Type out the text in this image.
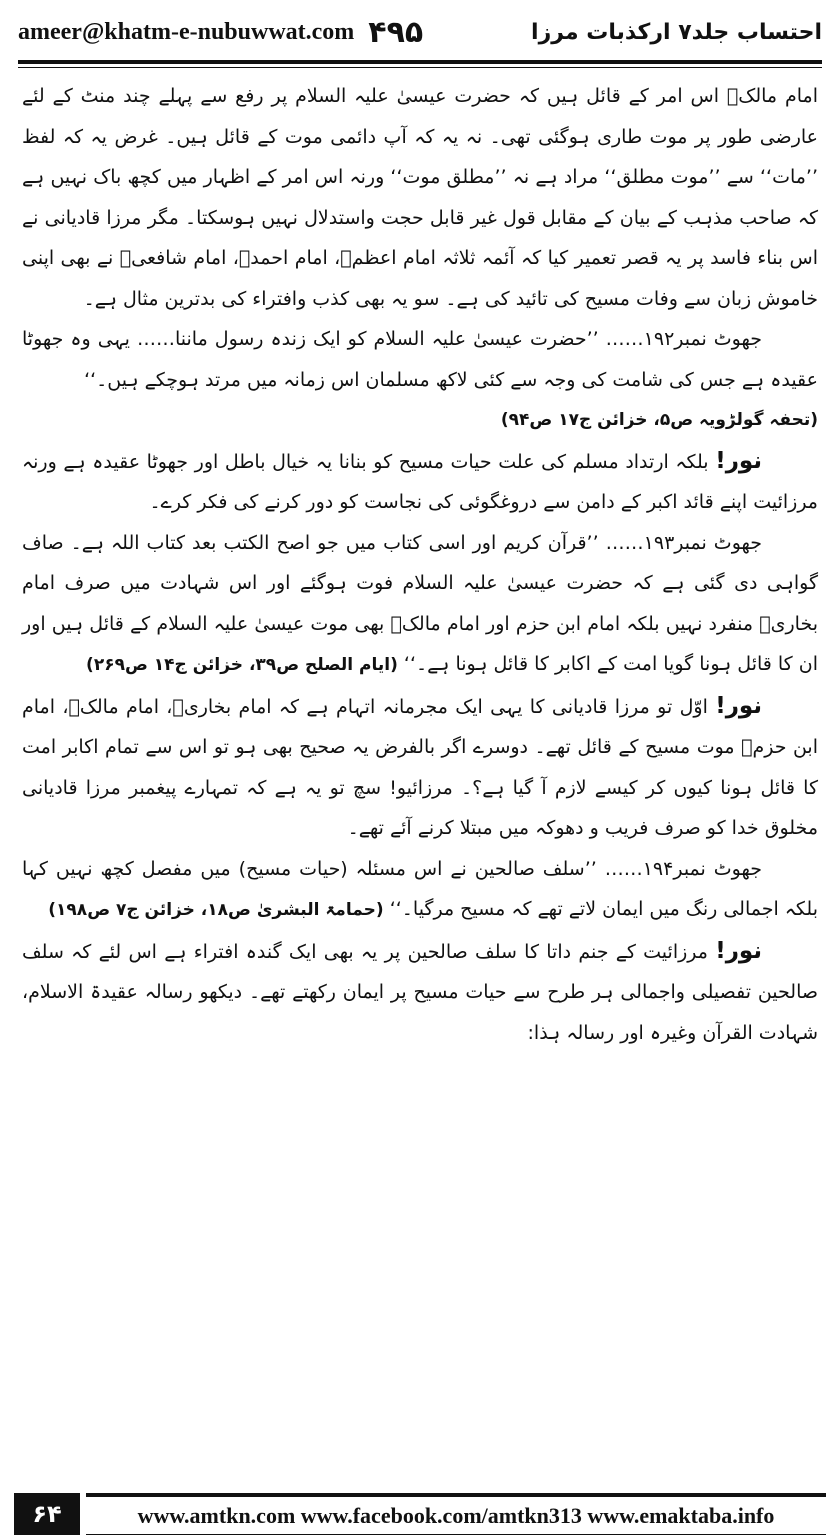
ameer@khatm-e-nubuwwat.com ۴۹۵	احتساب جلد۷ ارکذبات مرزا

امام مالکؒ اس امر کے قائل ہیں کہ حضرت عیسیٰ علیہ السلام پر رفع سے پہلے چند منٹ کے لئے عارضی طور پر موت طاری ہوگئی تھی۔ نہ یہ کہ آپ دائمی موت کے قائل ہیں۔ غرض یہ کہ لفظ ’’مات‘‘ سے ’’موت مطلق‘‘ مراد ہے نہ ’’مطلق موت‘‘ ورنہ اس امر کے اظہار میں کچھ باک نہیں ہے کہ صاحب مذہب کے بیان کے مقابل قول غیر قابل حجت واستدلال نہیں ہوسکتا۔ مگر مرزا قادیانی نے اس بناء فاسد پر یہ قصر تعمیر کیا کہ آئمہ ثلاثہ امام اعظمؒ، امام احمدؒ، امام شافعیؒ نے بھی اپنی خاموش زبان سے وفات مسیح کی تائید کی ہے۔ سو یہ بھی کذب وافتراء کی بدترین مثال ہے۔

جھوٹ نمبر۱۹۲…… ’’حضرت عیسیٰ علیہ السلام کو ایک زندہ رسول ماننا…… یہی وہ جھوٹا عقیدہ ہے جس کی شامت کی وجہ سے کئی لاکھ مسلمان اس زمانہ میں مرتد ہوچکے ہیں۔‘‘

(تحفہ گولڑویہ ص۵، خزائن ج۱۷ ص۹۴)

نور! بلکہ ارتداد مسلم کی علت حیات مسیح کو بنانا یہ خیال باطل اور جھوٹا عقیدہ ہے ورنہ مرزائیت اپنے قائد اکبر کے دامن سے دروغگوئی کی نجاست کو دور کرنے کی فکر کرے۔

جھوٹ نمبر۱۹۳…… ’’قرآن کریم اور اسی کتاب میں جو اصح الکتب بعد کتاب اللہ ہے۔ صاف گواہی دی گئی ہے کہ حضرت عیسیٰ علیہ السلام فوت ہوگئے اور اس شہادت میں صرف امام بخاریؒ منفرد نہیں بلکہ امام ابن حزم اور امام مالکؒ بھی موت عیسیٰ علیہ السلام کے قائل ہیں اور ان کا قائل ہونا گویا امت کے اکابر کا قائل ہونا ہے۔‘‘ (ایام الصلح ص۳۹، خزائن ج۱۴ ص۲۶۹)

نور! اوّل تو مرزا قادیانی کا یہی ایک مجرمانہ اتہام ہے کہ امام بخاریؒ، امام مالکؒ، امام ابن حزمؒ موت مسیح کے قائل تھے۔ دوسرے اگر بالفرض یہ صحیح بھی ہو تو اس سے تمام اکابر امت کا قائل ہونا کیوں کر کیسے لازم آ گیا ہے؟۔ مرزائیو! سچ تو یہ ہے کہ تمہارے پیغمبر مرزا قادیانی مخلوق خدا کو صرف فریب و دھوکہ میں مبتلا کرنے آئے تھے۔

جھوٹ نمبر۱۹۴…… ’’سلف صالحین نے اس مسئلہ (حیات مسیح) میں مفصل کچھ نہیں کہا بلکہ اجمالی رنگ میں ایمان لاتے تھے کہ مسیح مرگیا۔‘‘ (حمامۃ البشریٰ ص۱۸، خزائن ج۷ ص۱۹۸)

نور! مرزائیت کے جنم داتا کا سلف صالحین پر یہ بھی ایک گندہ افتراء ہے اس لئے کہ سلف صالحین تفصیلی واجمالی ہر طرح سے حیات مسیح پر ایمان رکھتے تھے۔ دیکھو رسالہ عقیدۃ الاسلام، شہادت القرآن وغیرہ اور رسالہ ہذا:

۶۴	www.amtkn.com www.facebook.com/amtkn313 www.emaktaba.info
